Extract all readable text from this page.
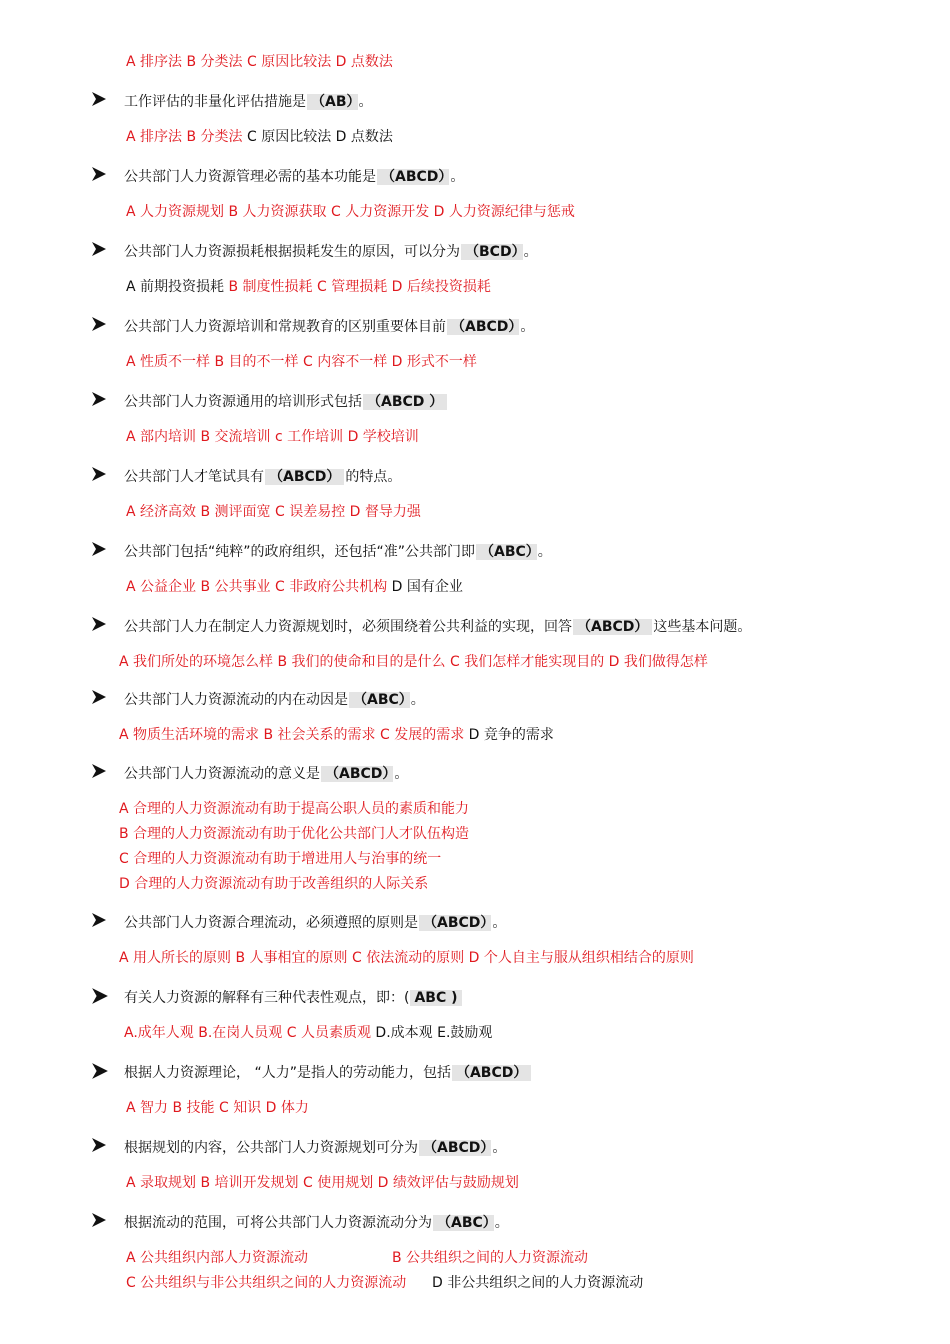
A 排序法 B 分类法 C 原因比较法 D 点数法
工作评估的非量化评估措施是 （AB） 。
A 排序法 B 分类法 C 原因比较法 D 点数法
公共部门人力资源管理必需的基本功能是 （ABCD） 。
A 人力资源规划 B 人力资源获取 C 人力资源开发 D 人力资源纪律与惩戒
公共部门人力资源损耗根据损耗发生的原因，可以分为 （BCD） 。
A 前期投资损耗 B 制度性损耗 C 管理损耗 D 后续投资损耗
公共部门人力资源培训和常规教育的区别重要体目前 （ABCD） 。
A 性质不一样 B 目的不一样 C 内容不一样 D 形式不一样
公共部门人力资源通用的培训形式包括 （ABCD ）
A 部内培训 B 交流培训 c 工作培训 D 学校培训
公共部门人才笔试具有 （ABCD） 的特点。
A 经济高效 B 测评面宽 C 误差易控 D 督导力强
公共部门包括“纯粹”的政府组织，还包括“准”公共部门即 （ABC） 。
A 公益企业 B 公共事业 C 非政府公共机构 D 国有企业
公共部门人力在制定人力资源规划时，必须围绕着公共利益的实现，回答 （ABCD） 这些基本问题。
A 我们所处的环境怎么样 B 我们的使命和目的是什么 C 我们怎样才能实现目的 D 我们做得怎样
公共部门人力资源流动的内在动因是 （ABC） 。
A 物质生活环境的需求 B 社会关系的需求 C 发展的需求 D 竞争的需求
公共部门人力资源流动的意义是 （ABCD） 。
A 合理的人力资源流动有助于提高公职人员的素质和能力
B 合理的人力资源流动有助于优化公共部门人才队伍构造
C 合理的人力资源流动有助于增进用人与治事的统一
D 合理的人力资源流动有助于改善组织的人际关系
公共部门人力资源合理流动，必须遵照的原则是 （ABCD） 。
A 用人所长的原则 B 人事相宜的原则 C 依法流动的原则 D 个人自主与服从组织相结合的原则
有关人力资源的解释有三种代表性观点，即：( ABC )
A.成年人观 B.在岗人员观 C 人员素质观 D.成本观 E.鼓励观
根据人力资源理论， “人力”是指人的劳动能力，包括 （ABCD）
A 智力 B 技能 C 知识 D 体力
根据规划的内容，公共部门人力资源规划可分为 （ABCD） 。
A 录取规划 B 培训开发规划 C 使用规划 D 绩效评估与鼓励规划
根据流动的范围，可将公共部门人力资源流动分为 （ABC） 。
A 公共组织内部人力资源流动	B 公共组织之间的人力资源流动
C 公共组织与非公共组织之间的人力资源流动 D 非公共组织之间的人力资源流动
